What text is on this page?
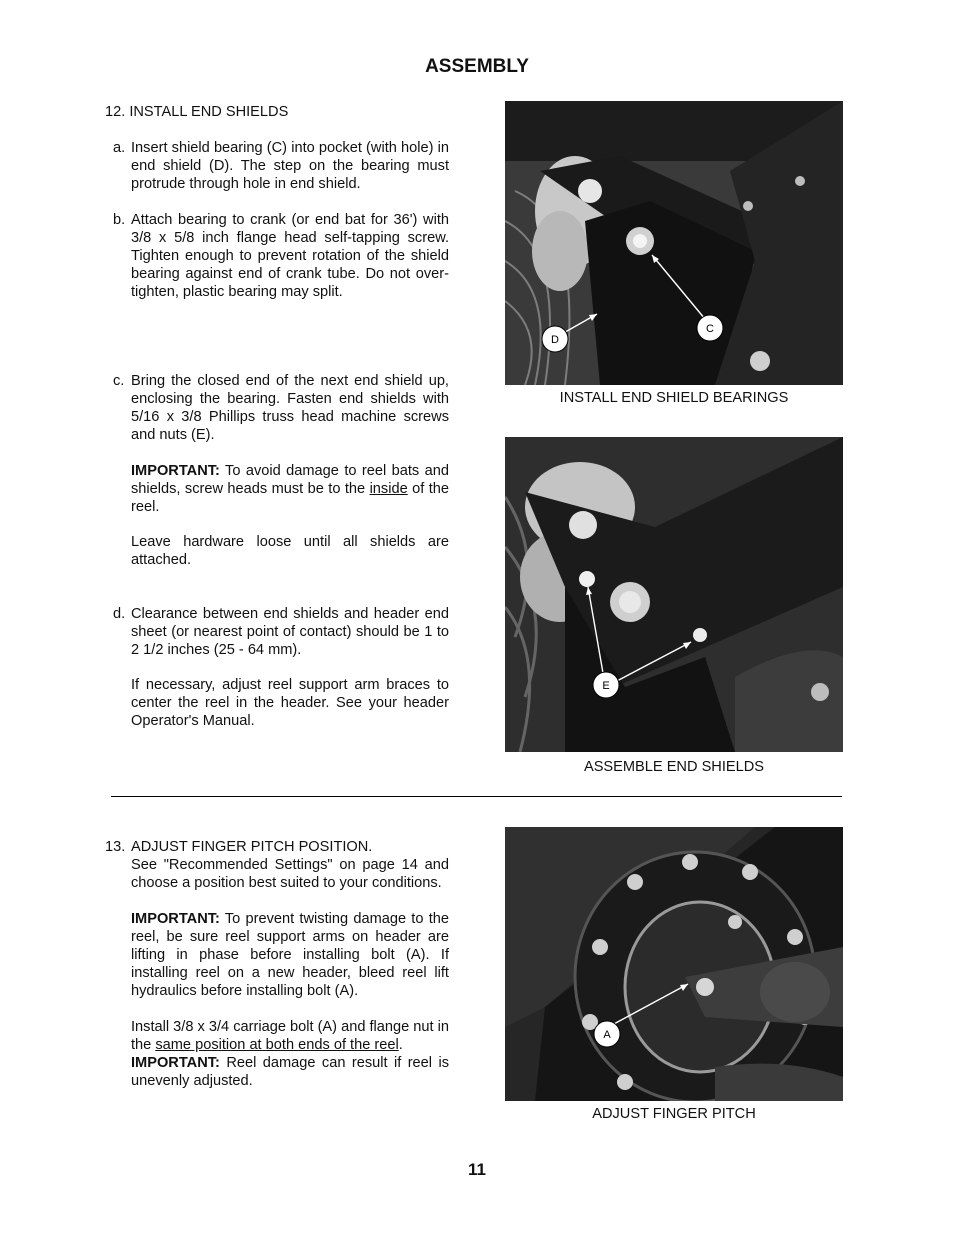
ASSEMBLY
12. INSTALL END SHIELDS
a. Insert shield bearing (C) into pocket (with hole) in end shield (D). The step on the bearing must protrude through hole in end shield.
b. Attach bearing to crank (or end bat for 36') with 3/8 x 5/8 inch flange head self-tapping screw. Tighten enough to prevent rotation of the shield bearing against end of crank tube. Do not over-tighten, plastic bearing may split.
c. Bring the closed end of the next end shield up, enclosing the bearing. Fasten end shields with 5/16 x 3/8 Phillips truss head machine screws and nuts (E).
IMPORTANT: To avoid damage to reel bats and shields, screw heads must be to the inside of the reel.
Leave hardware loose until all shields are attached.
d. Clearance between end shields and header end sheet (or nearest point of contact) should be 1 to 2 1/2 inches (25 - 64 mm).
If necessary, adjust reel support arm braces to center the reel in the header. See your header Operator's Manual.
D
C
INSTALL END SHIELD BEARINGS
E
ASSEMBLE END SHIELDS
13. ADJUST FINGER PITCH POSITION.
See "Recommended Settings" on page 14 and choose a position best suited to your conditions.
IMPORTANT: To prevent twisting damage to the reel, be sure reel support arms on header are lifting in phase before installing bolt (A). If installing reel on a new header, bleed reel lift hydraulics before installing bolt (A).
Install 3/8 x 3/4 carriage bolt (A) and flange nut in the same position at both ends of the reel.
IMPORTANT: Reel damage can result if reel is unevenly adjusted.
A
ADJUST FINGER PITCH
11
